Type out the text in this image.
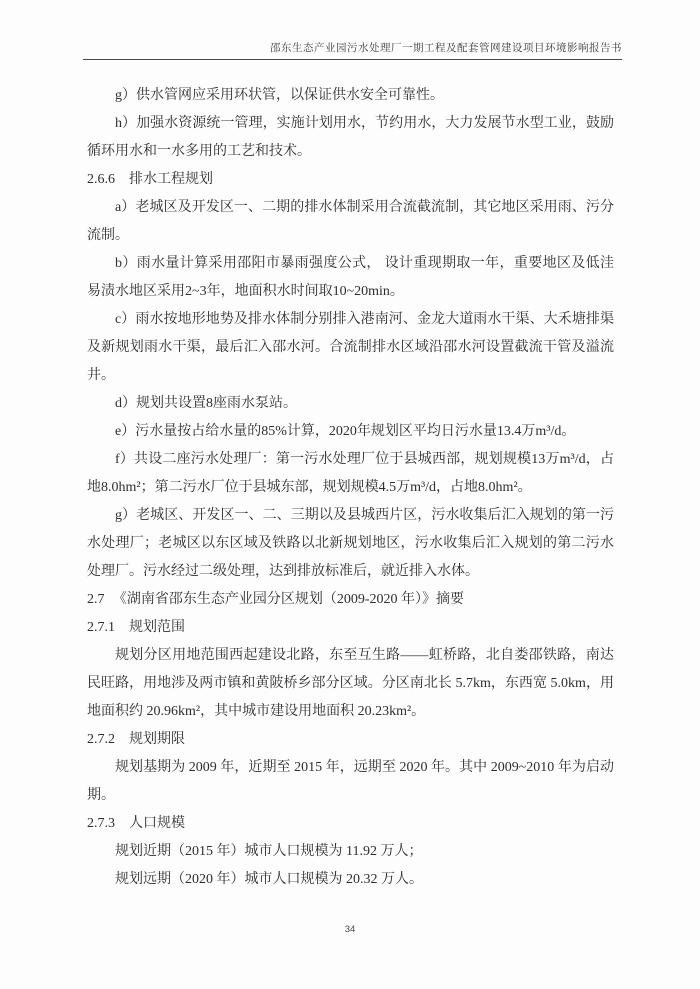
邵东生态产业园污水处理厂一期工程及配套管网建设项目环境影响报告书

g）供水管网应采用环状管，以保证供水安全可靠性。

h）加强水资源统一管理，实施计划用水，节约用水，大力发展节水型工业，鼓励循环用水和一水多用的工艺和技术。

2.6.6 排水工程规划

a）老城区及开发区一、二期的排水体制采用合流截流制，其它地区采用雨、污分流制。

b）雨水量计算采用邵阳市暴雨强度公式， 设计重现期取一年，重要地区及低洼易渍水地区采用2~3年，地面积水时间取10~20min。

c）雨水按地形地势及排水体制分别排入港南河、金龙大道雨水干渠、大禾塘排渠及新规划雨水干渠，最后汇入邵水河。合流制排水区域沿邵水河设置截流干管及溢流井。

d）规划共设置8座雨水泵站。

e）污水量按占给水量的85%计算，2020年规划区平均日污水量13.4万m³/d。

f）共设二座污水处理厂：第一污水处理厂位于县城西部，规划规模13万m³/d，占地8.0hm²；第二污水厂位于县城东部，规划规模4.5万m³/d，占地8.0hm²。

g）老城区、开发区一、二、三期以及县城西片区，污水收集后汇入规划的第一污水处理厂；老城区以东区域及铁路以北新规划地区，污水收集后汇入规划的第二污水处理厂。污水经过二级处理，达到排放标准后，就近排入水体。

2.7 《湖南省邵东生态产业园分区规划（2009-2020 年）》摘要
2.7.1 规划范围

规划分区用地范围西起建设北路，东至互生路——虹桥路，北自娄邵铁路，南达民旺路，用地涉及两市镇和黄陂桥乡部分区域。分区南北长 5.7km，东西宽 5.0km，用地面积约 20.96km²，其中城市建设用地面积 20.23km²。

2.7.2 规划期限

规划基期为 2009 年，近期至 2015 年，远期至 2020 年。其中 2009~2010 年为启动期。

2.7.3 人口规模

规划近期（2015 年）城市人口规模为 11.92 万人；

规划远期（2020 年）城市人口规模为 20.32 万人。

34
